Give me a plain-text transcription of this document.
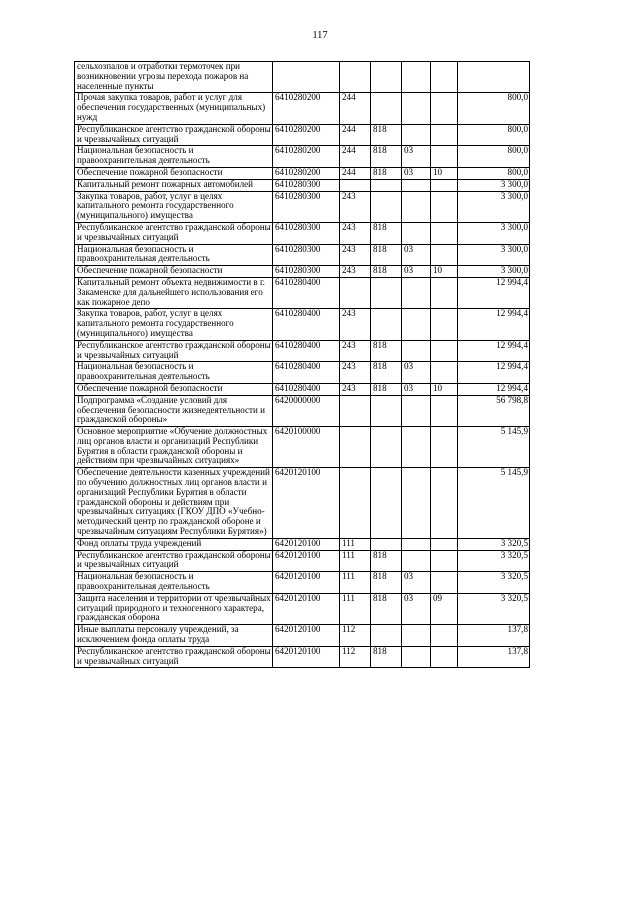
117
сельхозпалов и отработки термоточек при возникновении угрозы перехода пожаров на населенные пункты						
Прочая закупка товаров, работ и услуг для обеспечения государственных (муниципальных) нужд	6410280200	244				800,0
Республиканское агентство гражданской обороны и чрезвычайных ситуаций	6410280200	244	818			800,0
Национальная безопасность и правоохранительная деятельность	6410280200	244	818	03		800,0
Обеспечение пожарной безопасности	6410280200	244	818	03	10	800,0
Капитальный ремонт пожарных автомобилей	6410280300					3 300,0
Закупка товаров, работ, услуг в целях капитального ремонта государственного (муниципального) имущества	6410280300	243				3 300,0
Республиканское агентство гражданской обороны и чрезвычайных ситуаций	6410280300	243	818			3 300,0
Национальная безопасность и правоохранительная деятельность	6410280300	243	818	03		3 300,0
Обеспечение пожарной безопасности	6410280300	243	818	03	10	3 300,0
Капитальный ремонт объекта недвижимости в г. Закаменске для дальнейшего использования его как пожарное депо	6410280400					12 994,4
Закупка товаров, работ, услуг в целях капитального ремонта государственного (муниципального) имущества	6410280400	243				12 994,4
Республиканское агентство гражданской обороны и чрезвычайных ситуаций	6410280400	243	818			12 994,4
Национальная безопасность и правоохранительная деятельность	6410280400	243	818	03		12 994,4
Обеспечение пожарной безопасности	6410280400	243	818	03	10	12 994,4
Подпрограмма «Создание условий для обеспечения безопасности жизнедеятельности и гражданской обороны»	6420000000					56 798,8
Основное мероприятие «Обучение должностных лиц органов власти и организаций Республики Бурятия в области гражданской обороны и действиям при чрезвычайных ситуациях»	6420100000					5 145,9
Обеспечение деятельности казенных учреждений по обучению должностных лиц органов власти и организаций Республики Бурятия в области гражданской обороны и действиям при чрезвычайных ситуациях (ГКОУ ДПО «Учебно-методический центр по гражданской обороне и чрезвычайным ситуациям Республики Бурятия»)	6420120100					5 145,9
Фонд оплаты труда учреждений	6420120100	111				3 320,5
Республиканское агентство гражданской обороны и чрезвычайных ситуаций	6420120100	111	818			3 320,5
Национальная безопасность и правоохранительная деятельность	6420120100	111	818	03		3 320,5
Защита населения и территории от чрезвычайных ситуаций природного и техногенного характера, гражданская оборона	6420120100	111	818	03	09	3 320,5
Иные выплаты персоналу учреждений, за исключением фонда оплаты труда	6420120100	112				137,8
Республиканское агентство гражданской обороны и чрезвычайных ситуаций	6420120100	112	818			137,8
